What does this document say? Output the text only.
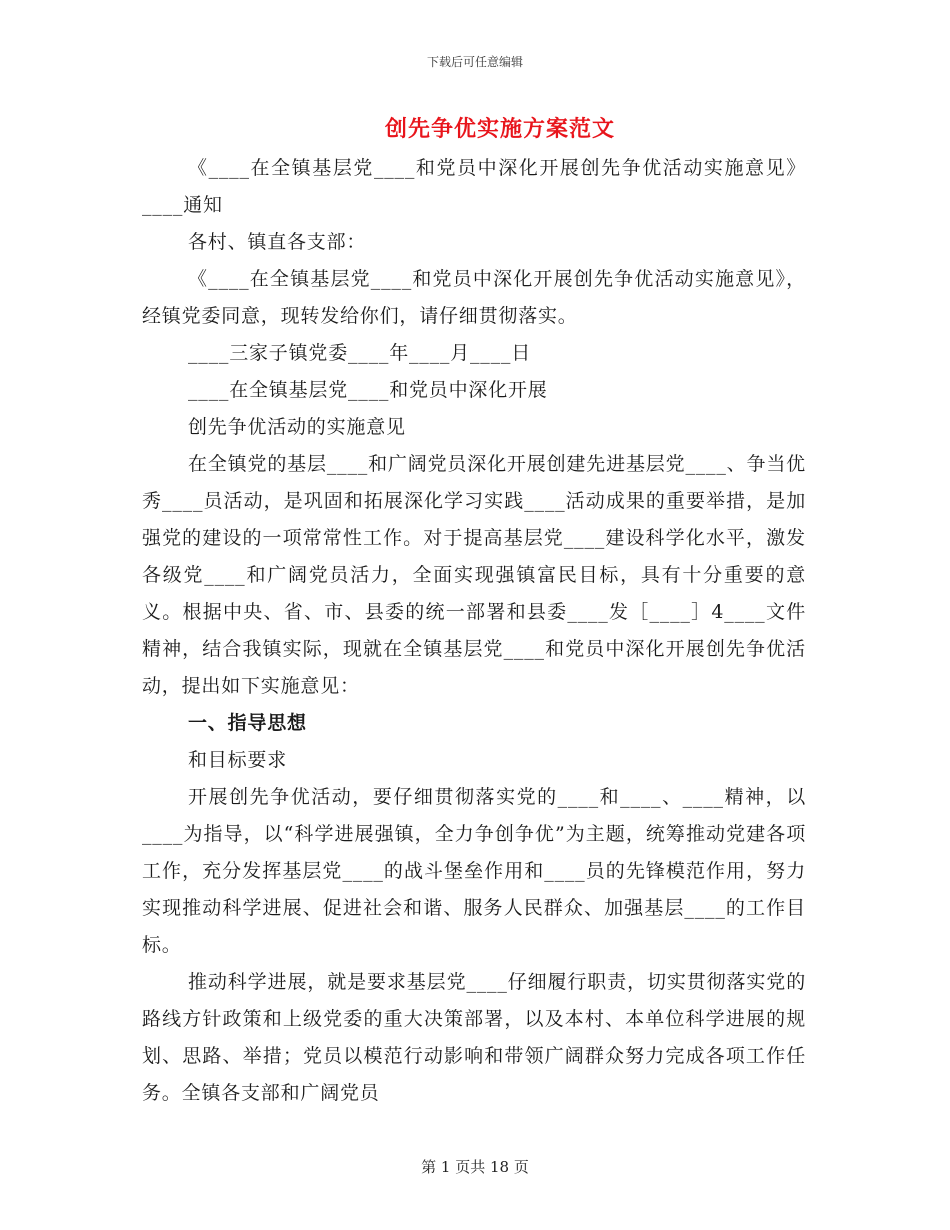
下载后可任意编辑
创先争优实施方案范文

《____在全镇基层党____和党员中深化开展创先争优活动实施意见》____通知

各村、镇直各支部：

《____在全镇基层党____和党员中深化开展创先争优活动实施意见》，经镇党委同意，现转发给你们，请仔细贯彻落实。

____三家子镇党委____年____月____日

____在全镇基层党____和党员中深化开展

创先争优活动的实施意见

在全镇党的基层____和广阔党员深化开展创建先进基层党____、争当优秀____员活动，是巩固和拓展深化学习实践____活动成果的重要举措，是加强党的建设的一项常常性工作。对于提高基层党____建设科学化水平，激发各级党____和广阔党员活力，全面实现强镇富民目标，具有十分重要的意义。根据中央、省、市、县委的统一部署和县委____发［____］4____文件精神，结合我镇实际，现就在全镇基层党____和党员中深化开展创先争优活动，提出如下实施意见：

一、指导思想

和目标要求

开展创先争优活动，要仔细贯彻落实党的____和____、____精神，以____为指导，以“科学进展强镇，全力争创争优”为主题，统筹推动党建各项工作，充分发挥基层党____的战斗堡垒作用和____员的先锋模范作用，努力实现推动科学进展、促进社会和谐、服务人民群众、加强基层____的工作目标。

推动科学进展，就是要求基层党____仔细履行职责，切实贯彻落实党的路线方针政策和上级党委的重大决策部署，以及本村、本单位科学进展的规划、思路、举措；党员以模范行动影响和带领广阔群众努力完成各项工作任务。全镇各支部和广阔党员

第 1 页共 18 页
